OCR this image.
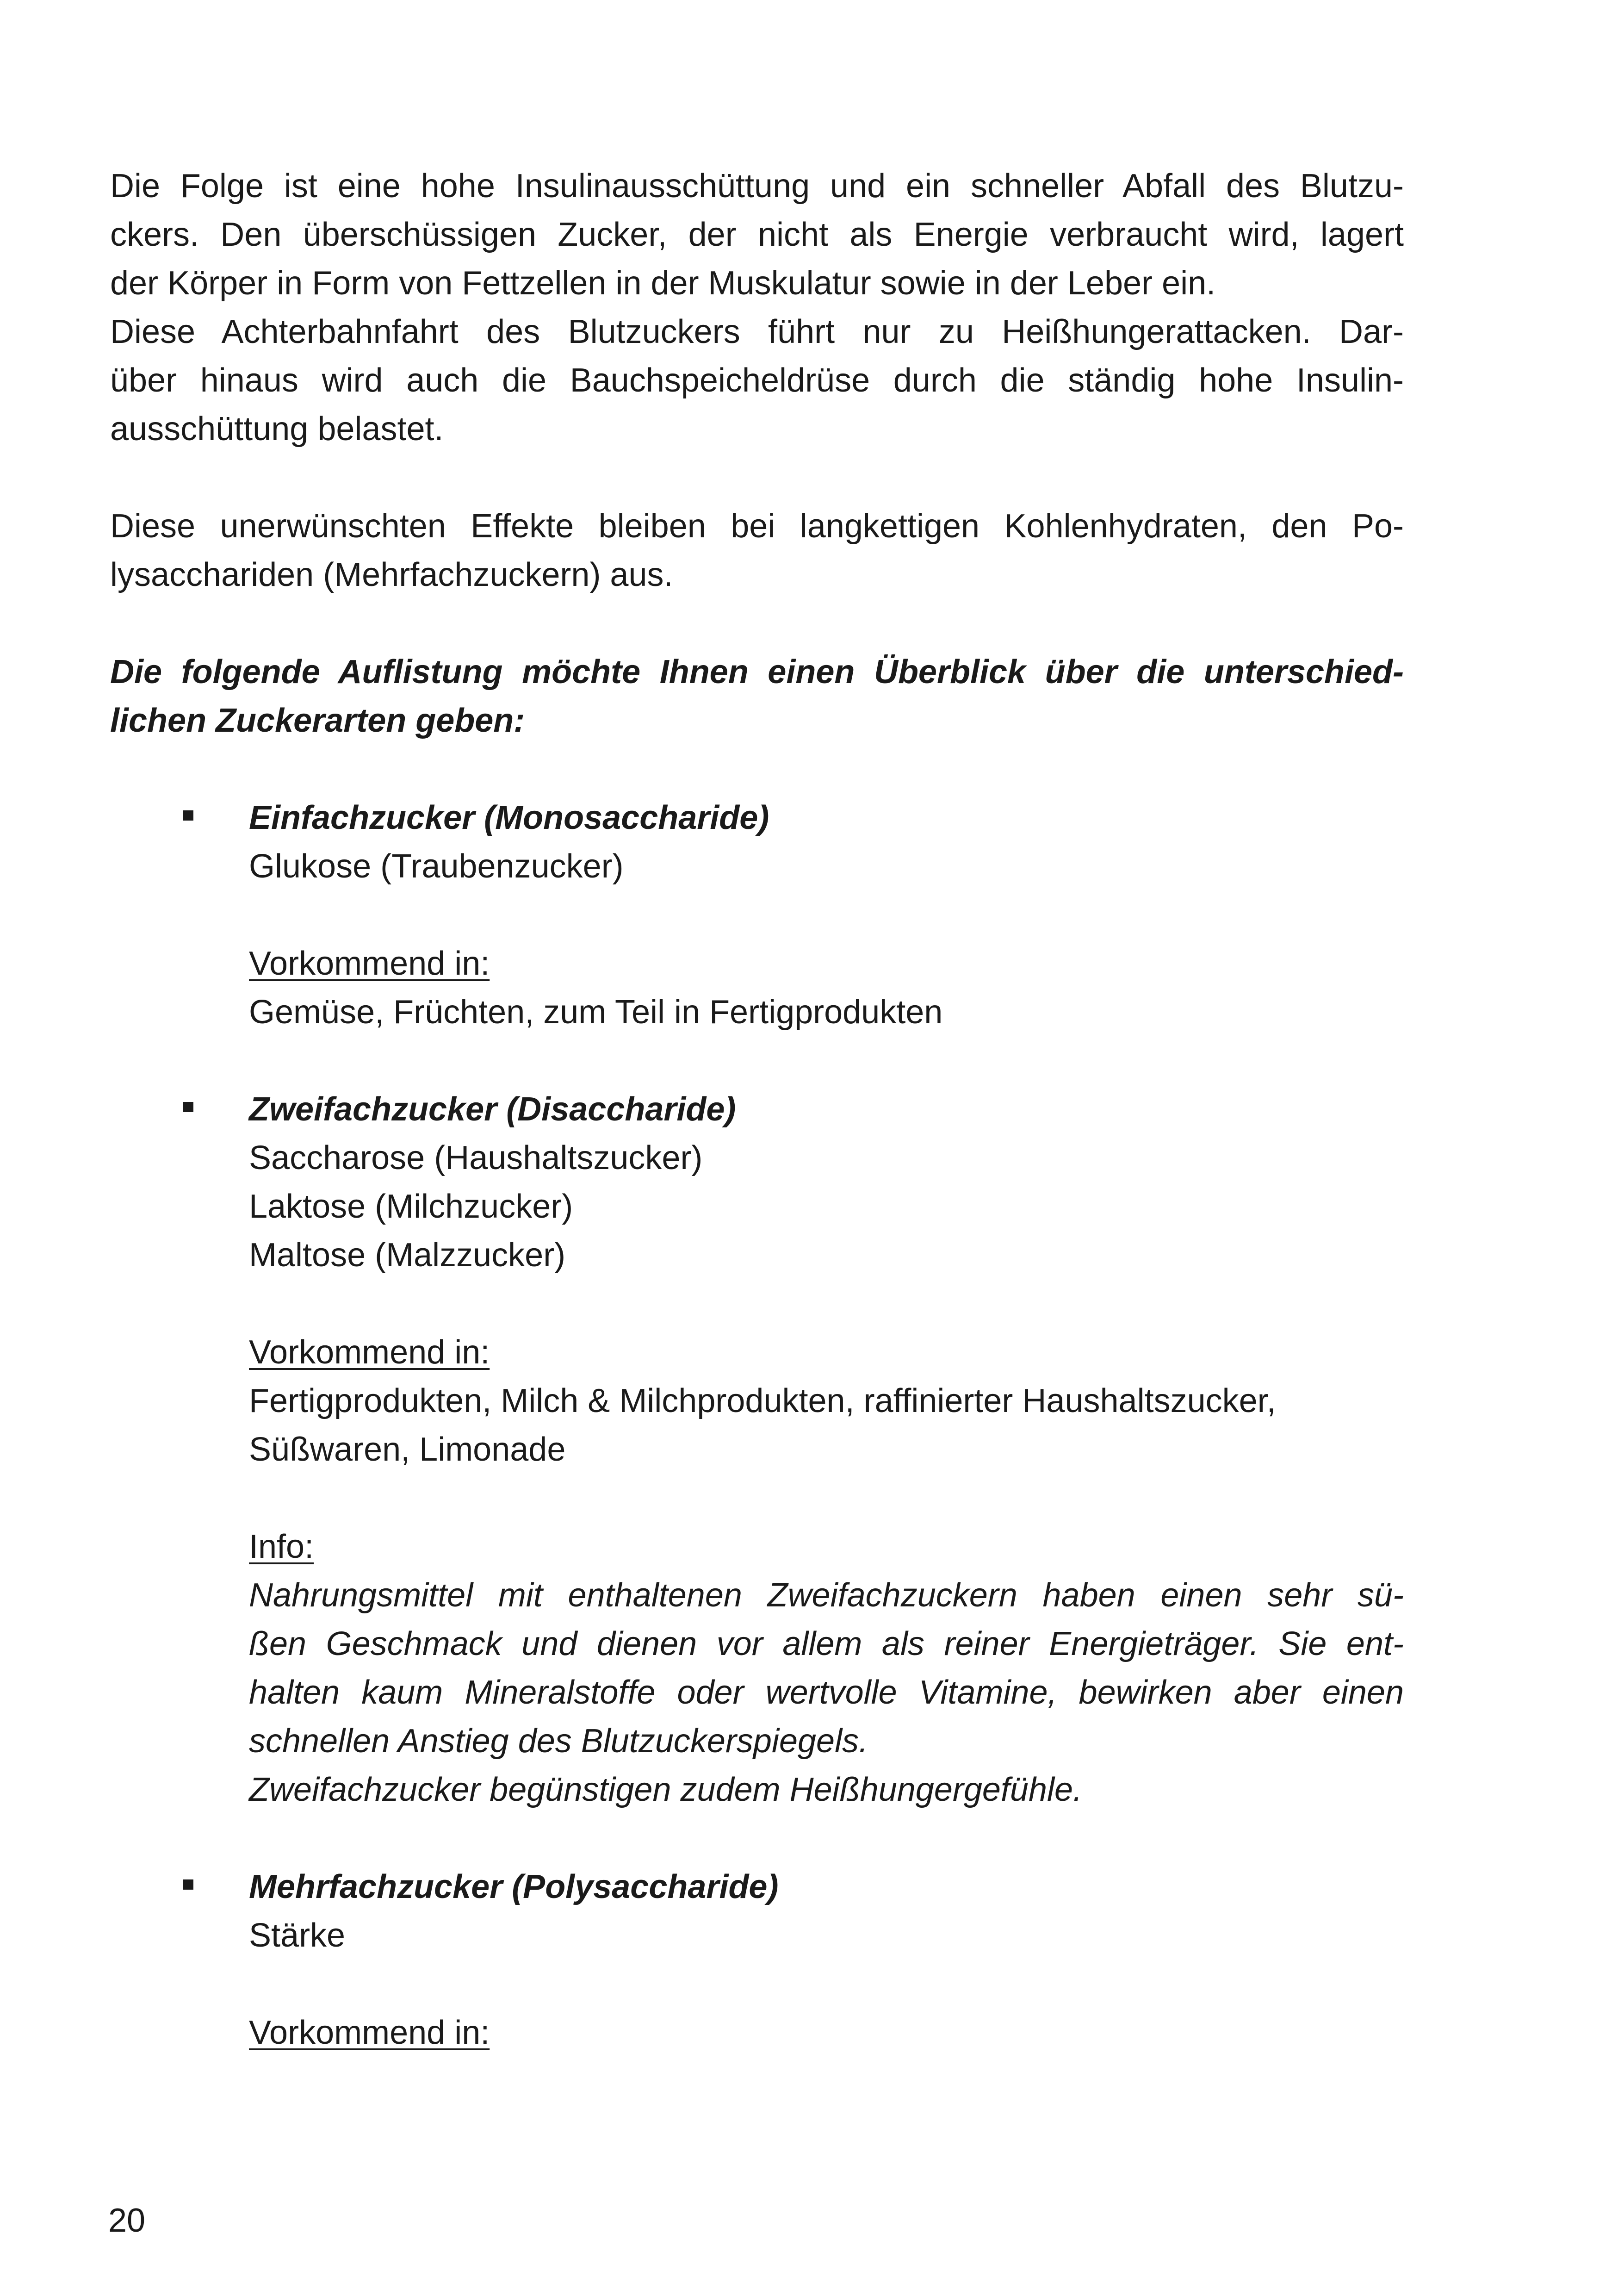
Die Folge ist eine hohe Insulinausschüttung und ein schneller Abfall des Blutzu-
ckers. Den überschüssigen Zucker, der nicht als Energie verbraucht wird, lagert
der Körper in Form von Fettzellen in der Muskulatur sowie in der Leber ein.
Diese Achterbahnfahrt des Blutzuckers führt nur zu Heißhungerattacken. Dar-
über hinaus wird auch die Bauchspeicheldrüse durch die ständig hohe Insulin-
ausschüttung belastet.

Diese unerwünschten Effekte bleiben bei langkettigen Kohlenhydraten, den Po-
lysacchariden (Mehrfachzuckern) aus.

Die folgende Auflistung möchte Ihnen einen Überblick über die unterschied-
lichen Zuckerarten geben:

Einfachzucker (Monosaccharide)
Glukose (Traubenzucker)
Vorkommend in:
Gemüse, Früchten, zum Teil in Fertigprodukten
Zweifachzucker (Disaccharide)
Saccharose (Haushaltszucker)
Laktose (Milchzucker)
Maltose (Malzzucker)
Vorkommend in:
Fertigprodukten, Milch & Milchprodukten, raffinierter Haushaltszucker,
Süßwaren, Limonade
Info:
Nahrungsmittel mit enthaltenen Zweifachzuckern haben einen sehr sü-
ßen Geschmack und dienen vor allem als reiner Energieträger. Sie ent-
halten kaum Mineralstoffe oder wertvolle Vitamine, bewirken aber einen
schnellen Anstieg des Blutzuckerspiegels.
Zweifachzucker begünstigen zudem Heißhungergefühle.
Mehrfachzucker (Polysaccharide)
Stärke
Vorkommend in:
20
